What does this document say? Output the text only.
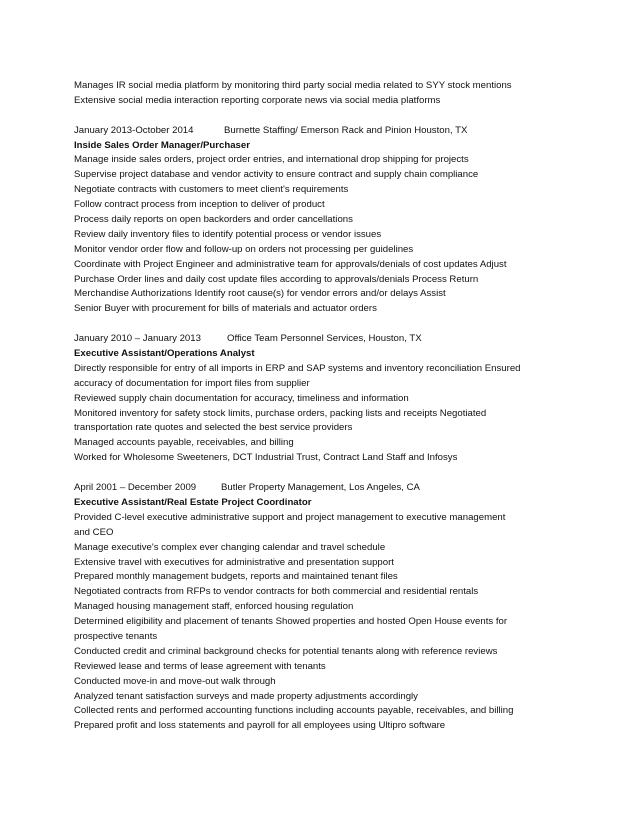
Manages IR social media platform by monitoring third party social media related to SYY stock mentions
Extensive social media interaction reporting corporate news via social media platforms
January 2013-October 2014	Burnette Staffing/ Emerson Rack and Pinion Houston, TX
Inside Sales Order Manager/Purchaser
Manage inside sales orders, project order entries, and international drop shipping for projects
Supervise project database and vendor activity to ensure contract and supply chain compliance
Negotiate contracts with customers to meet client's requirements
Follow contract process from inception to deliver of product
Process daily reports on open backorders and order cancellations
Review daily inventory files to identify potential process or vendor issues
Monitor vendor order flow and follow-up on orders not processing per guidelines
Coordinate with Project Engineer and administrative team for approvals/denials of cost updates Adjust
Purchase Order lines and daily cost update files according to approvals/denials Process Return
Merchandise Authorizations Identify root cause(s) for vendor errors and/or delays Assist
Senior Buyer with procurement for bills of materials and actuator orders
January 2010 – January 2013	Office Team Personnel Services, Houston, TX
Executive Assistant/Operations Analyst
Directly responsible for entry of all imports in ERP and SAP systems and inventory reconciliation Ensured
accuracy of documentation for import files from supplier
Reviewed supply chain documentation for accuracy, timeliness and information
Monitored inventory for safety stock limits, purchase orders, packing lists and receipts Negotiated
transportation rate quotes and selected the best service providers
Managed accounts payable, receivables, and billing
Worked for Wholesome Sweeteners, DCT Industrial Trust, Contract Land Staff and Infosys
April 2001 – December 2009	Butler Property Management, Los Angeles, CA
Executive Assistant/Real Estate Project Coordinator
Provided C-level executive administrative support and project management to executive management
and CEO
Manage executive's complex ever changing calendar and travel schedule
Extensive travel with executives for administrative and presentation support
Prepared monthly management budgets, reports and maintained tenant files
Negotiated contracts from RFPs to vendor contracts for both commercial and residential rentals
Managed housing management staff, enforced housing regulation
Determined eligibility and placement of tenants Showed properties and hosted Open House events for
prospective tenants
Conducted credit and criminal background checks for potential tenants along with reference reviews
Reviewed lease and terms of lease agreement with tenants
Conducted move-in and move-out walk through
Analyzed tenant satisfaction surveys and made property adjustments accordingly
Collected rents and performed accounting functions including accounts payable, receivables, and billing
Prepared profit and loss statements and payroll for all employees using Ultipro software
